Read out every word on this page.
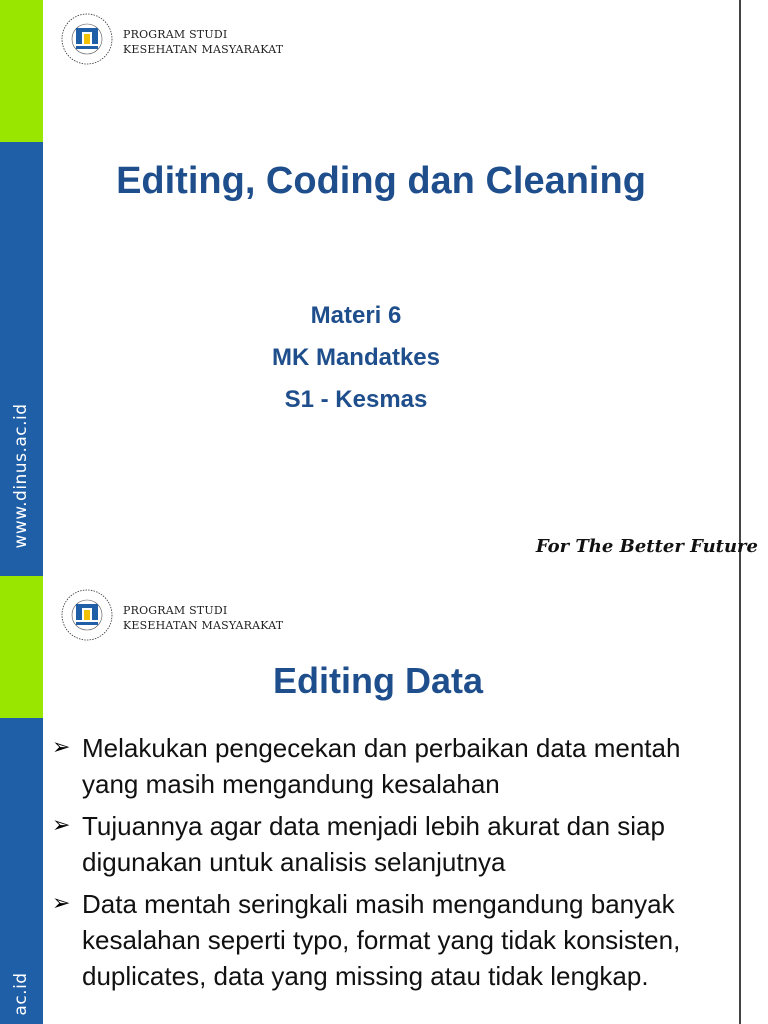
www.dinus.ac.id
PROGRAM STUDI
KESEHATAN MASYARAKAT
Editing, Coding dan Cleaning
Materi 6
MK Mandatkes
S1 - Kesmas
For The Better Future
ac.id
PROGRAM STUDI
KESEHATAN MASYARAKAT
Editing Data
➢ Melakukan pengecekan dan perbaikan data mentah yang masih mengandung kesalahan
➢ Tujuannya agar data menjadi lebih akurat dan siap digunakan untuk analisis selanjutnya
➢ Data mentah seringkali masih mengandung banyak kesalahan seperti typo, format yang tidak konsisten, duplicates, data yang missing atau tidak lengkap.
